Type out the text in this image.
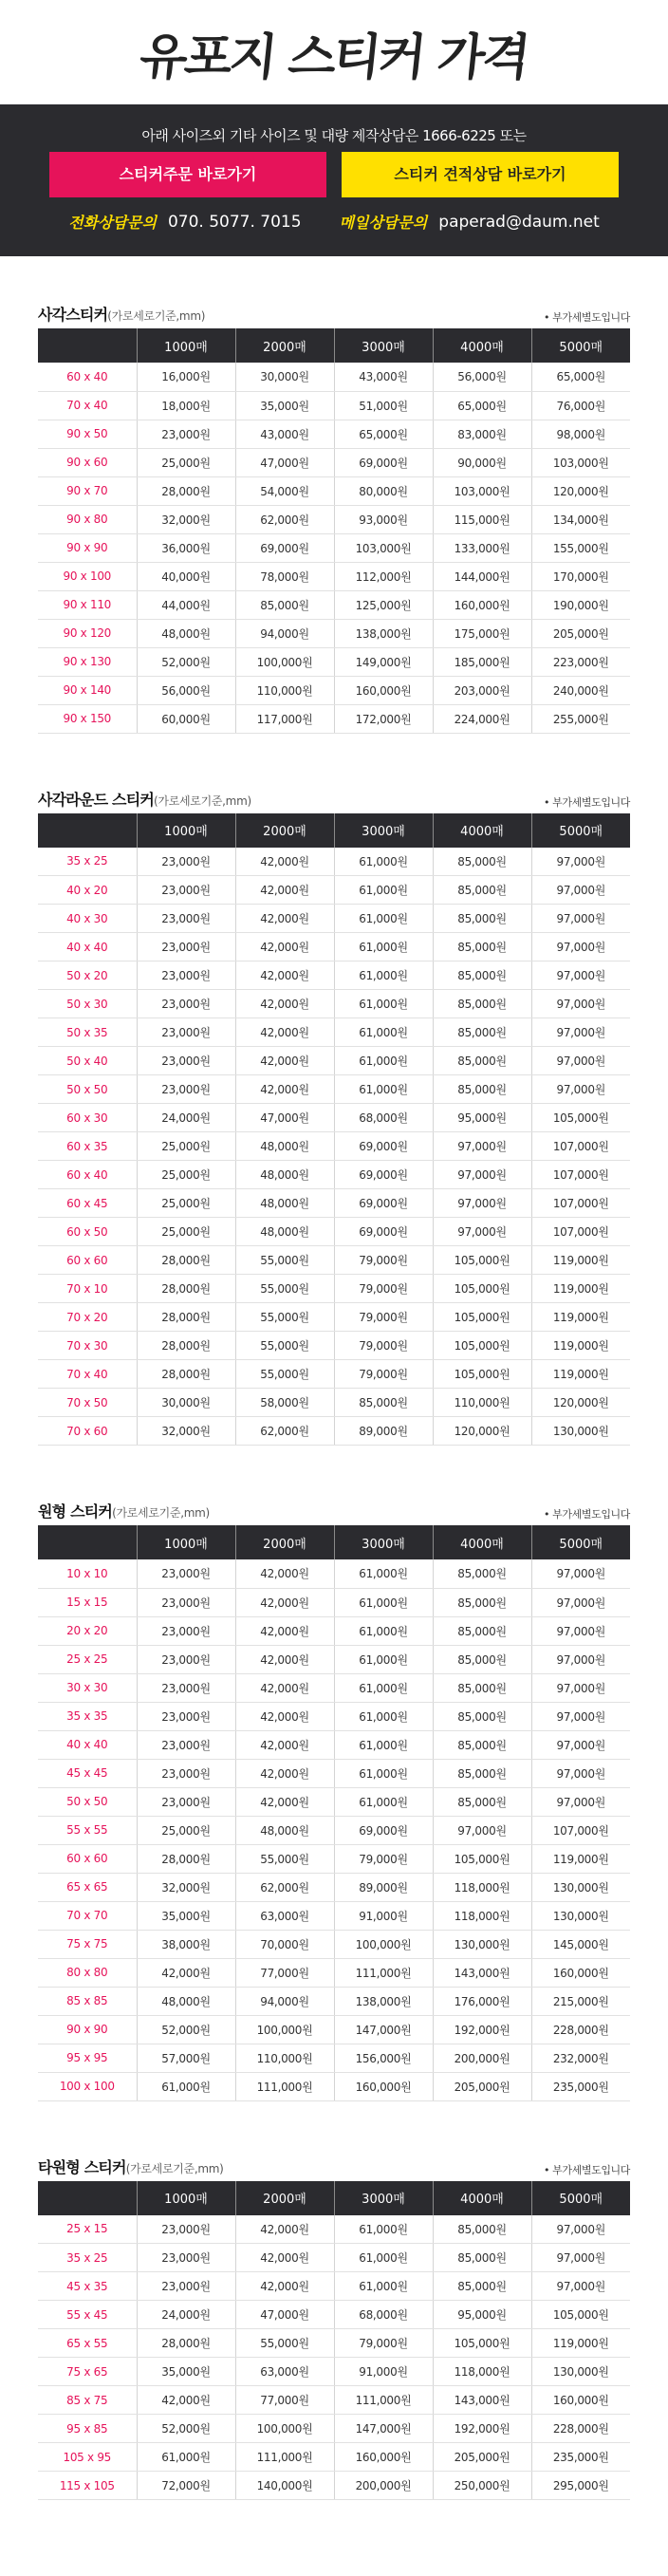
유포지 스티커 가격
아래 사이즈외 기타 사이즈 및 대량 제작상담은 1666-6225 또는
스티커주문 바로가기	스티커 견적상담 바로가기
전화상담문의 070. 5077. 7015	메일상담문의 paperad@daum.net
사각스티커(가로세로기준,mm)	• 부가세별도입니다
	1000매	2000매	3000매	4000매	5000매
60 x 40	16,000원	30,000원	43,000원	56,000원	65,000원
70 x 40	18,000원	35,000원	51,000원	65,000원	76,000원
90 x 50	23,000원	43,000원	65,000원	83,000원	98,000원
90 x 60	25,000원	47,000원	69,000원	90,000원	103,000원
90 x 70	28,000원	54,000원	80,000원	103,000원	120,000원
90 x 80	32,000원	62,000원	93,000원	115,000원	134,000원
90 x 90	36,000원	69,000원	103,000원	133,000원	155,000원
90 x 100	40,000원	78,000원	112,000원	144,000원	170,000원
90 x 110	44,000원	85,000원	125,000원	160,000원	190,000원
90 x 120	48,000원	94,000원	138,000원	175,000원	205,000원
90 x 130	52,000원	100,000원	149,000원	185,000원	223,000원
90 x 140	56,000원	110,000원	160,000원	203,000원	240,000원
90 x 150	60,000원	117,000원	172,000원	224,000원	255,000원
사각라운드 스티커(가로세로기준,mm)	• 부가세별도입니다
	1000매	2000매	3000매	4000매	5000매
35 x 25	23,000원	42,000원	61,000원	85,000원	97,000원
40 x 20	23,000원	42,000원	61,000원	85,000원	97,000원
40 x 30	23,000원	42,000원	61,000원	85,000원	97,000원
40 x 40	23,000원	42,000원	61,000원	85,000원	97,000원
50 x 20	23,000원	42,000원	61,000원	85,000원	97,000원
50 x 30	23,000원	42,000원	61,000원	85,000원	97,000원
50 x 35	23,000원	42,000원	61,000원	85,000원	97,000원
50 x 40	23,000원	42,000원	61,000원	85,000원	97,000원
50 x 50	23,000원	42,000원	61,000원	85,000원	97,000원
60 x 30	24,000원	47,000원	68,000원	95,000원	105,000원
60 x 35	25,000원	48,000원	69,000원	97,000원	107,000원
60 x 40	25,000원	48,000원	69,000원	97,000원	107,000원
60 x 45	25,000원	48,000원	69,000원	97,000원	107,000원
60 x 50	25,000원	48,000원	69,000원	97,000원	107,000원
60 x 60	28,000원	55,000원	79,000원	105,000원	119,000원
70 x 10	28,000원	55,000원	79,000원	105,000원	119,000원
70 x 20	28,000원	55,000원	79,000원	105,000원	119,000원
70 x 30	28,000원	55,000원	79,000원	105,000원	119,000원
70 x 40	28,000원	55,000원	79,000원	105,000원	119,000원
70 x 50	30,000원	58,000원	85,000원	110,000원	120,000원
70 x 60	32,000원	62,000원	89,000원	120,000원	130,000원
원형 스티커(가로세로기준,mm)	• 부가세별도입니다
	1000매	2000매	3000매	4000매	5000매
10 x 10	23,000원	42,000원	61,000원	85,000원	97,000원
15 x 15	23,000원	42,000원	61,000원	85,000원	97,000원
20 x 20	23,000원	42,000원	61,000원	85,000원	97,000원
25 x 25	23,000원	42,000원	61,000원	85,000원	97,000원
30 x 30	23,000원	42,000원	61,000원	85,000원	97,000원
35 x 35	23,000원	42,000원	61,000원	85,000원	97,000원
40 x 40	23,000원	42,000원	61,000원	85,000원	97,000원
45 x 45	23,000원	42,000원	61,000원	85,000원	97,000원
50 x 50	23,000원	42,000원	61,000원	85,000원	97,000원
55 x 55	25,000원	48,000원	69,000원	97,000원	107,000원
60 x 60	28,000원	55,000원	79,000원	105,000원	119,000원
65 x 65	32,000원	62,000원	89,000원	118,000원	130,000원
70 x 70	35,000원	63,000원	91,000원	118,000원	130,000원
75 x 75	38,000원	70,000원	100,000원	130,000원	145,000원
80 x 80	42,000원	77,000원	111,000원	143,000원	160,000원
85 x 85	48,000원	94,000원	138,000원	176,000원	215,000원
90 x 90	52,000원	100,000원	147,000원	192,000원	228,000원
95 x 95	57,000원	110,000원	156,000원	200,000원	232,000원
100 x 100	61,000원	111,000원	160,000원	205,000원	235,000원
타원형 스티커(가로세로기준,mm)	• 부가세별도입니다
	1000매	2000매	3000매	4000매	5000매
25 x 15	23,000원	42,000원	61,000원	85,000원	97,000원
35 x 25	23,000원	42,000원	61,000원	85,000원	97,000원
45 x 35	23,000원	42,000원	61,000원	85,000원	97,000원
55 x 45	24,000원	47,000원	68,000원	95,000원	105,000원
65 x 55	28,000원	55,000원	79,000원	105,000원	119,000원
75 x 65	35,000원	63,000원	91,000원	118,000원	130,000원
85 x 75	42,000원	77,000원	111,000원	143,000원	160,000원
95 x 85	52,000원	100,000원	147,000원	192,000원	228,000원
105 x 95	61,000원	111,000원	160,000원	205,000원	235,000원
115 x 105	72,000원	140,000원	200,000원	250,000원	295,000원
